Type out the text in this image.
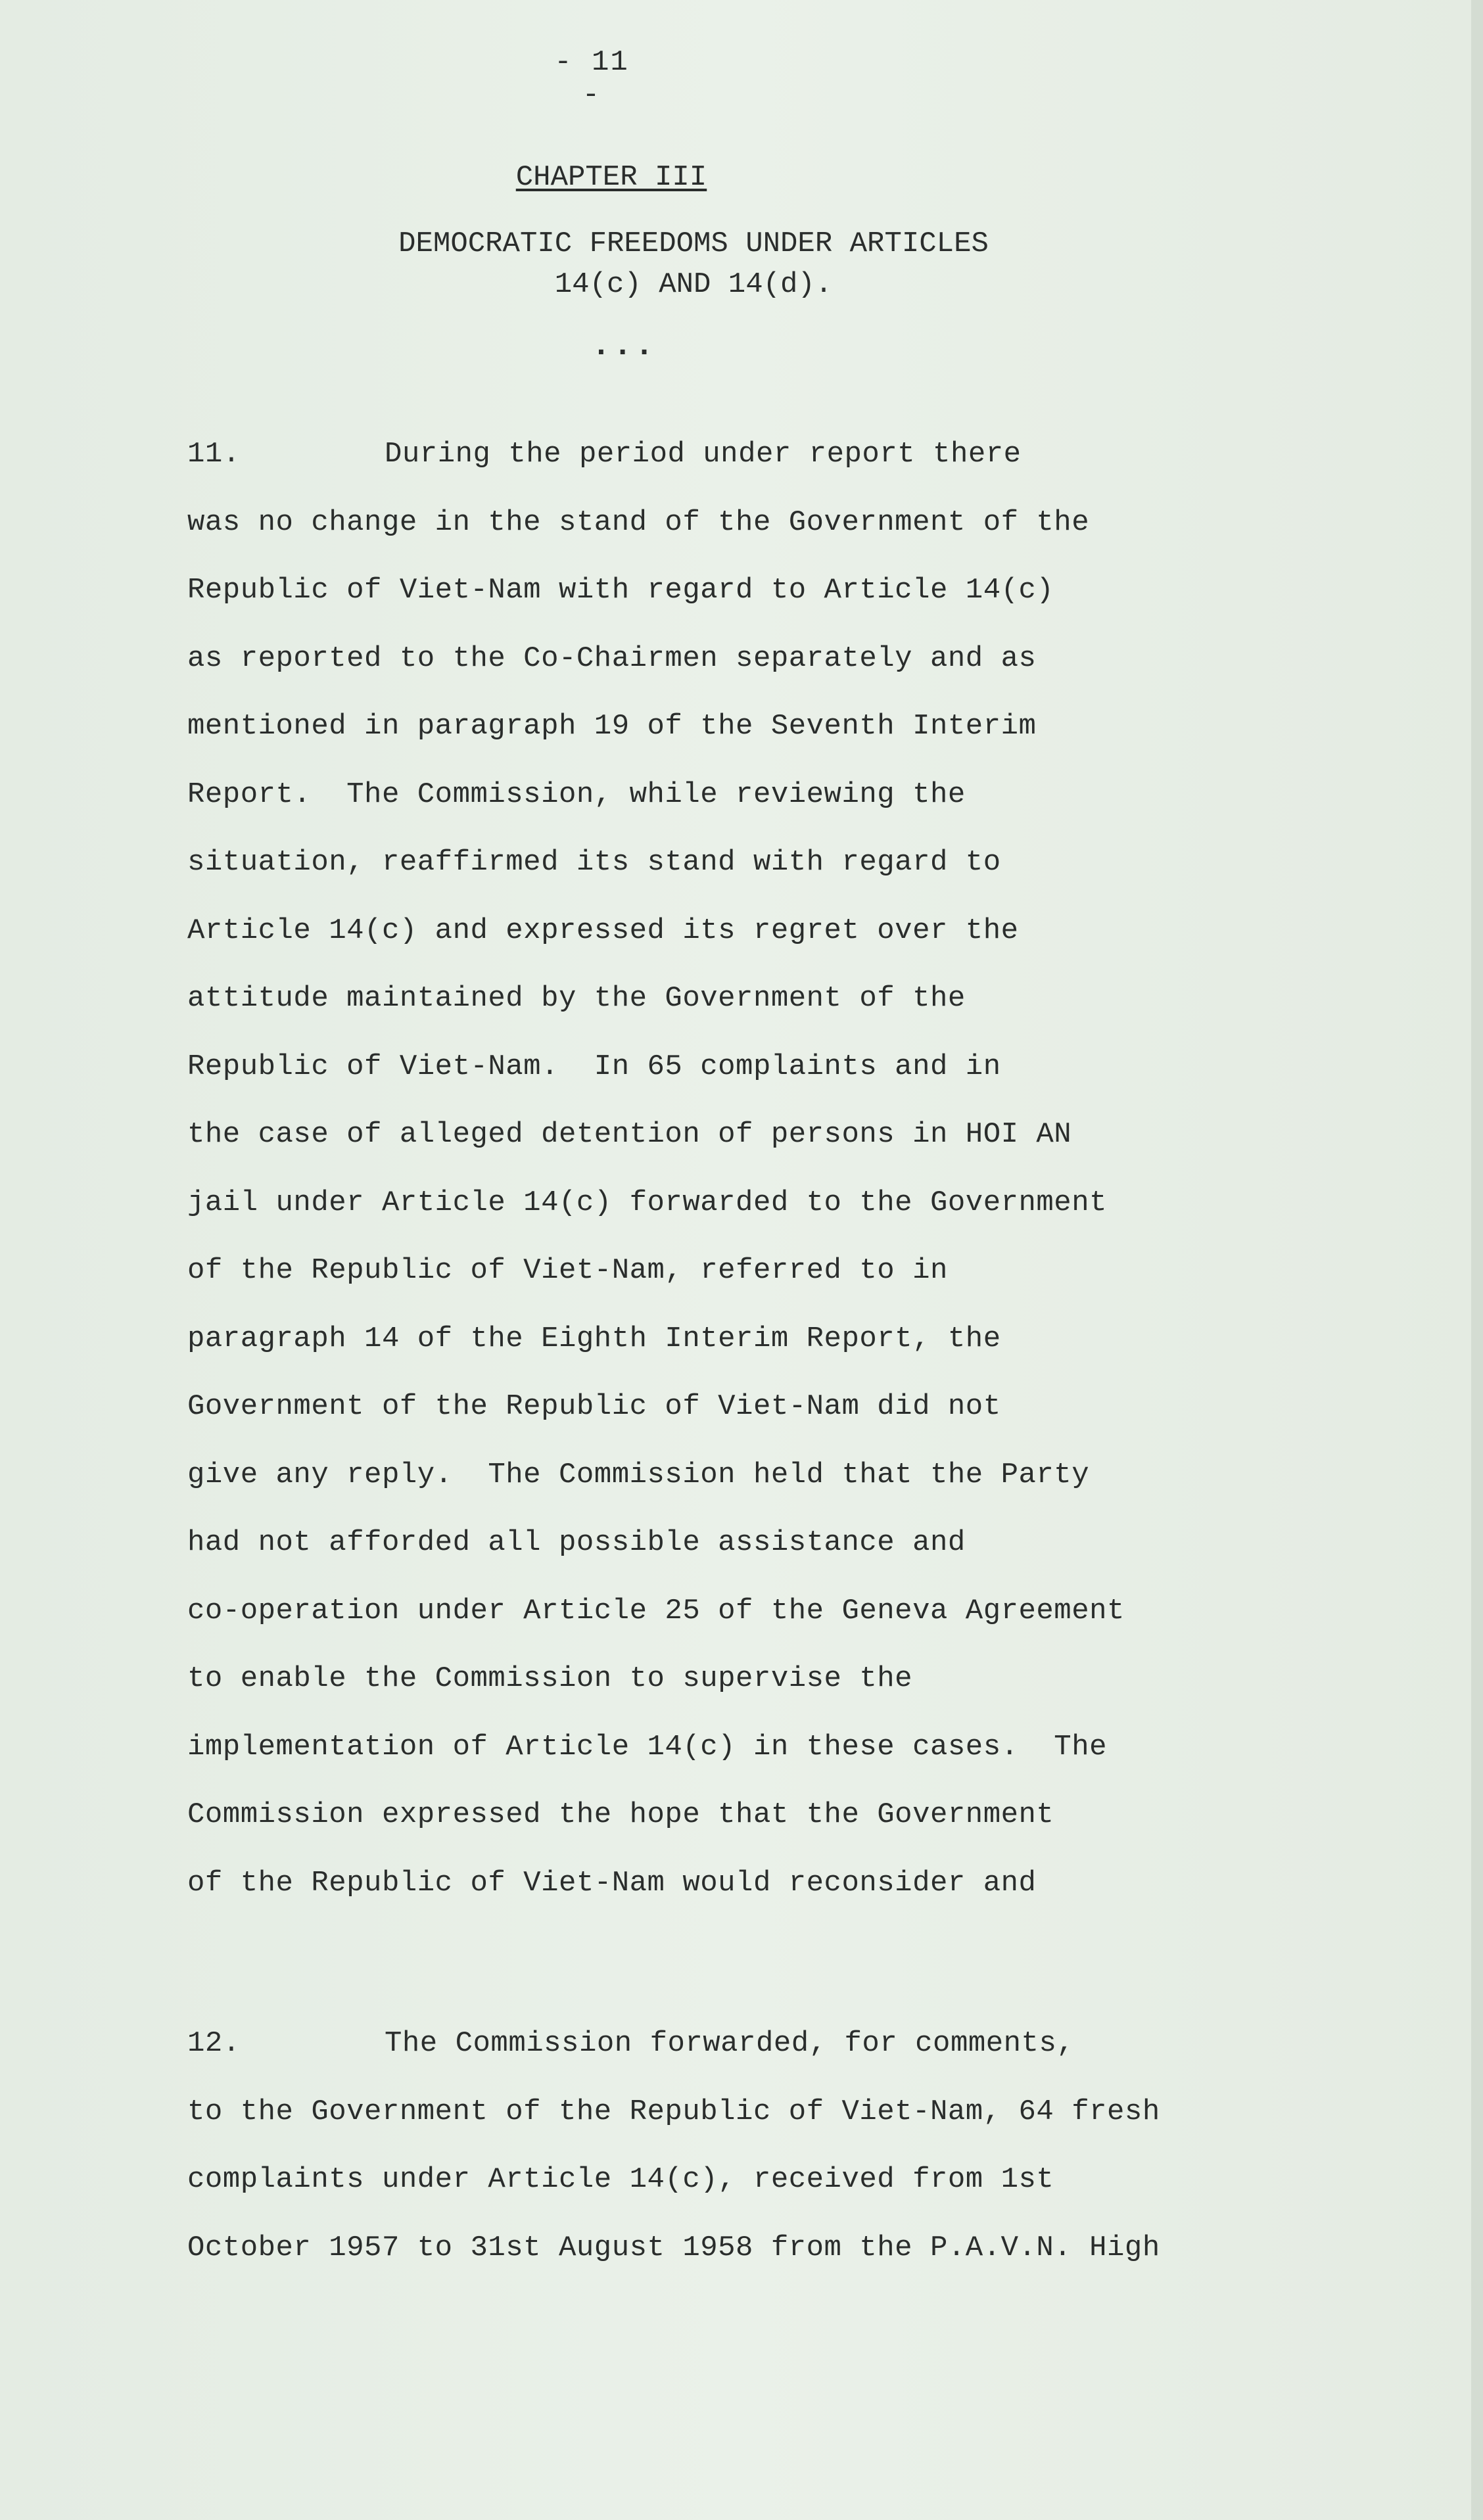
- 11 -
CHAPTER III
DEMOCRATIC FREEDOMS UNDER ARTICLES
14(c) AND 14(d).
...
11.	During the period under report there
was no change in the stand of the Government of the
Republic of Viet-Nam with regard to Article 14(c)
as reported to the Co-Chairmen separately and as
mentioned in paragraph 19 of the Seventh Interim
Report.  The Commission, while reviewing the
situation, reaffirmed its stand with regard to
Article 14(c) and expressed its regret over the
attitude maintained by the Government of the
Republic of Viet-Nam.  In 65 complaints and in
the case of alleged detention of persons in HOI AN
jail under Article 14(c) forwarded to the Government
of the Republic of Viet-Nam, referred to in
paragraph 14 of the Eighth Interim Report, the
Government of the Republic of Viet-Nam did not
give any reply.  The Commission held that the Party
had not afforded all possible assistance and
co-operation under Article 25 of the Geneva Agreement
to enable the Commission to supervise the
implementation of Article 14(c) in these cases.  The
Commission expressed the hope that the Government
of the Republic of Viet-Nam would reconsider and
12.	The Commission forwarded, for comments,
to the Government of the Republic of Viet-Nam, 64 fresh
complaints under Article 14(c), received from 1st
October 1957 to 31st August 1958 from the P.A.V.N. High
